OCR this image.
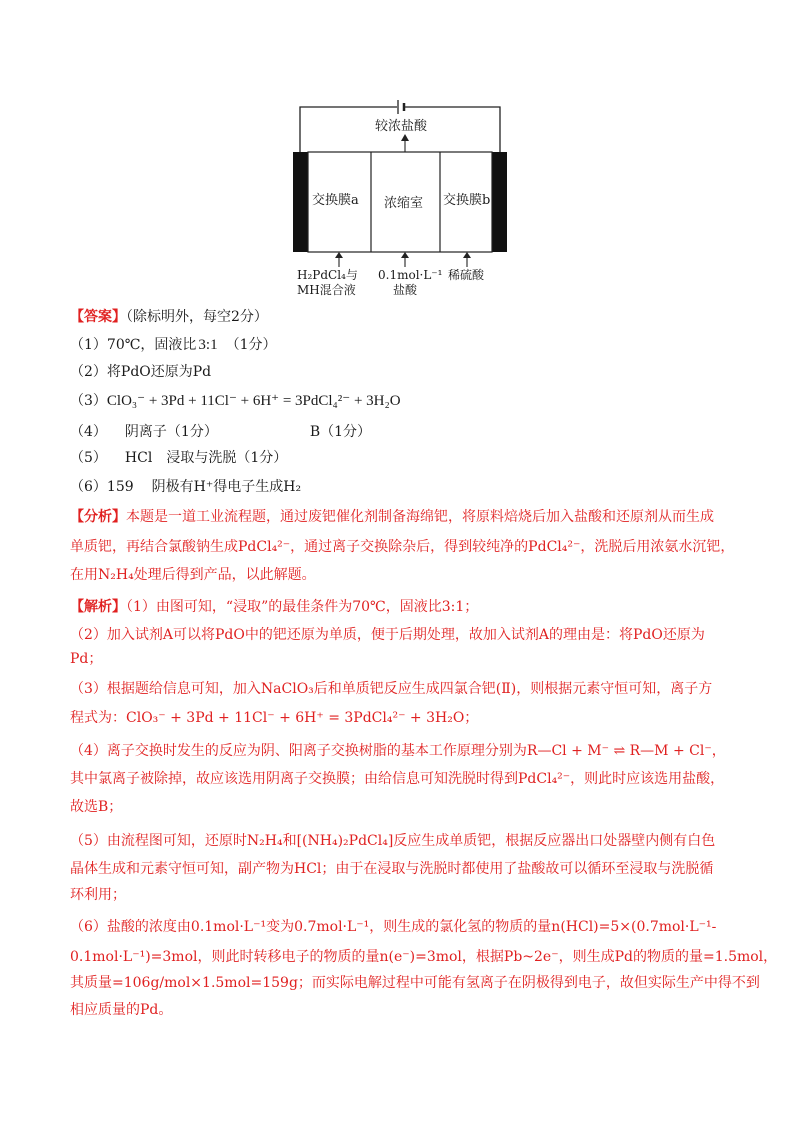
较浓盐酸
交换膜a 浓缩室 交换膜b
H₂PdCl₄与
MH混合液
0.1mol·L⁻¹
盐酸
稀硫酸
【答案】（除标明外，每空2分）
（1）70℃，固液比 3:1 （1分）
（2）将PdO还原为Pd
（3）ClO₃⁻ + 3Pd + 11Cl⁻ + 6H⁺ = 3PdCl₄²⁻ + 3H₂O
（4） 阴离子（1分）	B（1分）
（5） HCl 浸取与洗脱（1分）
（6）159 阴极有H⁺得电子生成H₂
【分析】本题是一道工业流程题，通过废钯催化剂制备海绵钯，将原料焙烧后加入盐酸和还原剂从而生成
单质钯，再结合氯酸钠生成PdCl₄²⁻，通过离子交换除杂后，得到较纯净的PdCl₄²⁻，洗脱后用浓氨水沉钯，
在用N₂H₄处理后得到产品，以此解题。
【解析】（1）由图可知，“浸取”的最佳条件为70℃，固液比3:1；
（2）加入试剂A可以将PdO中的钯还原为单质，便于后期处理，故加入试剂A的理由是：将PdO还原为
Pd；
（3）根据题给信息可知，加入NaClO₃后和单质钯反应生成四氯合钯(Ⅱ)，则根据元素守恒可知，离子方
程式为：ClO₃⁻ + 3Pd + 11Cl⁻ + 6H⁺ = 3PdCl₄²⁻ + 3H₂O；
（4）离子交换时发生的反应为阴、阳离子交换树脂的基本工作原理分别为R—Cl + M⁻ ⇌ R—M + Cl⁻，
其中氯离子被除掉，故应该选用阴离子交换膜；由给信息可知洗脱时得到PdCl₄²⁻，则此时应该选用盐酸，
故选B；
（5）由流程图可知，还原时N₂H₄和[(NH₄)₂PdCl₄]反应生成单质钯，根据反应器出口处器壁内侧有白色
晶体生成和元素守恒可知，副产物为HCl；由于在浸取与洗脱时都使用了盐酸故可以循环至浸取与洗脱循
环利用；
（6）盐酸的浓度由0.1mol·L⁻¹变为0.7mol·L⁻¹，则生成的氯化氢的物质的量n(HCl)=5×(0.7mol·L⁻¹-
0.1mol·L⁻¹)=3mol，则此时转移电子的物质的量n(e⁻)=3mol，根据Pb~2e⁻，则生成Pd的物质的量=1.5mol，
其质量=106g/mol×1.5mol=159g；而实际电解过程中可能有氢离子在阴极得到电子，故但实际生产中得不到
相应质量的Pd。
